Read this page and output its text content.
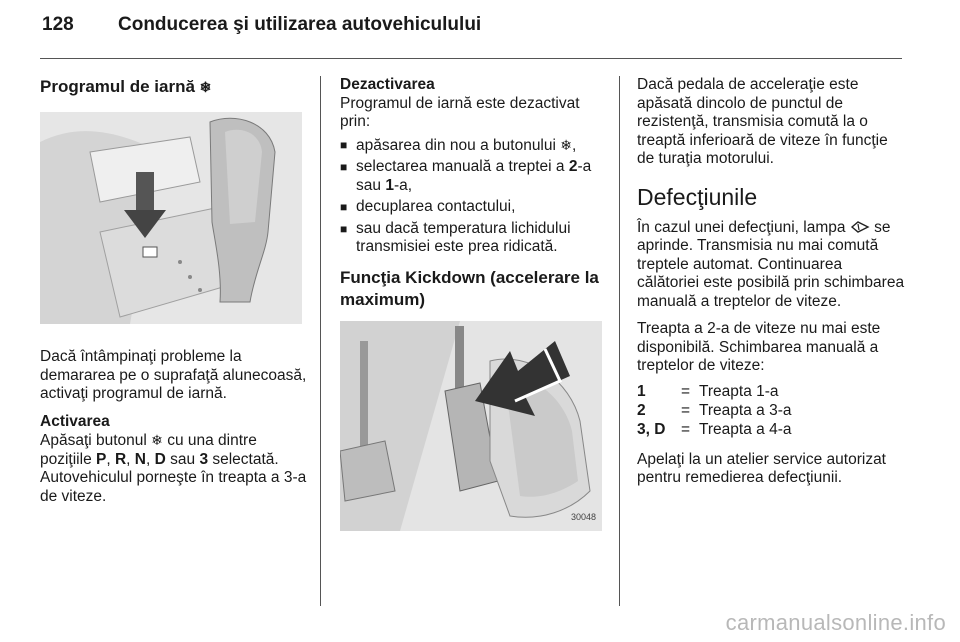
128	Conducerea şi utilizarea autovehiculului
Programul de iarnă ❄

Dacă întâmpinaţi probleme la demararea pe o suprafaţă alunecoasă, activaţi programul de iarnă.

Activarea

Apăsaţi butonul ❄ cu una dintre poziţiile P, R, N, D sau 3 selectată. Autovehiculul porneşte în treapta a 3-a de viteze.

Dezactivarea

Programul de iarnă este dezactivat prin:

■ apăsarea din nou a butonului ❄,
■ selectarea manuală a treptei a 2-a sau 1-a,
■ decuplarea contactului,
■ sau dacă temperatura lichidului transmisiei este prea ridicată.
Funcţia Kickdown (accelerare la maximum)
30048

Dacă pedala de acceleraţie este apăsată dincolo de punctul de rezistenţă, transmisia comută la o treaptă inferioară de viteze în funcţie de turaţia motorului.

Defecţiunile

În cazul unei defecţiuni, lampa  se aprinde. Transmisia nu mai comută treptele automat. Continuarea călătoriei este posibilă prin schimbarea manuală a treptelor de viteze.

Treapta a 2-a de viteze nu mai este disponibilă. Schimbarea manuală a treptelor de viteze:

1	=	Treapta 1-a
2	=	Treapta a 3-a
3, D	=	Treapta a 4-a

Apelaţi la un atelier service autorizat pentru remedierea defecţiunii.

carmanualsonline.info
